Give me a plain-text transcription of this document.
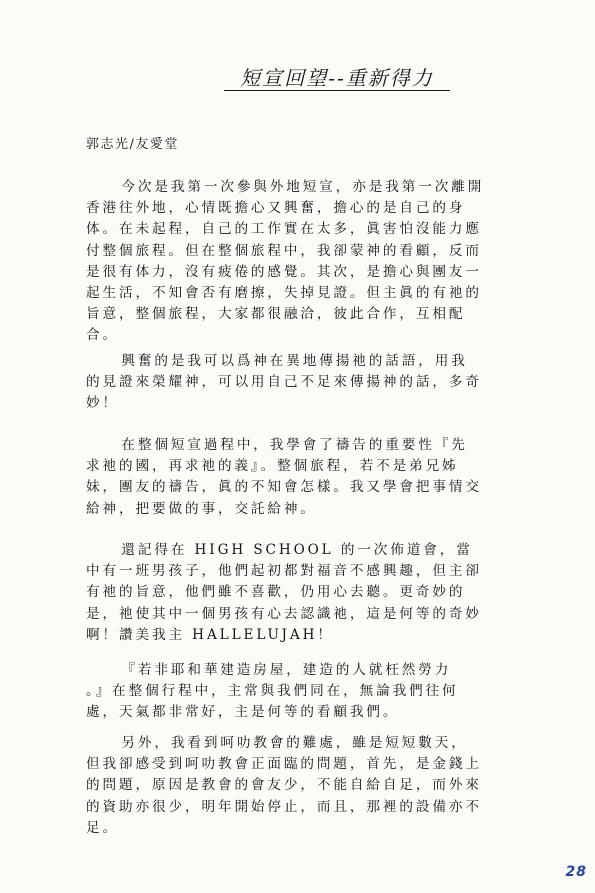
短宣回望--重新得力
郭志光/友愛堂
今次是我第一次參與外地短宣，亦是我第一次離開
香港往外地，心情既擔心又興奮，擔心的是自己的身
体。在未起程，自己的工作實在太多，眞害怕沒能力應
付整個旅程。但在整個旅程中，我卻蒙神的看顧，反而
是很有体力，沒有疲倦的感覺。其次，是擔心與團友一
起生活，不知會否有磨擦，失掉見證。但主眞的有祂的
旨意，整個旅程，大家都很融洽，彼此合作，互相配
合。
興奮的是我可以爲神在異地傳揚祂的話語，用我
的見證來榮耀神，可以用自己不足來傳揚神的話，多奇
妙！
在整個短宣過程中，我學會了禱告的重要性『先
求祂的國，再求祂的義』。整個旅程，若不是弟兄姊
妹，團友的禱告，眞的不知會怎樣。我又學會把事情交
給神，把要做的事，交託給神。
還記得在 HIGH SCHOOL 的一次佈道會，當
中有一班男孩子，他們起初都對福音不感興趣，但主卻
有祂的旨意，他們雖不喜歡，仍用心去聽。更奇妙的
是，祂使其中一個男孩有心去認識祂，這是何等的奇妙
啊！讚美我主 HALLELUJAH！
『若非耶和華建造房屋，建造的人就枉然勞力
。』在整個行程中，主常與我們同在，無論我們往何
處，天氣都非常好，主是何等的看顧我們。
另外，我看到呵叻教會的難處，雖是短短數天，
但我卻感受到呵叻教會正面臨的問題，首先，是金錢上
的問題，原因是教會的會友少，不能自給自足，而外來
的資助亦很少，明年開始停止，而且，那裡的設備亦不
足。
28
